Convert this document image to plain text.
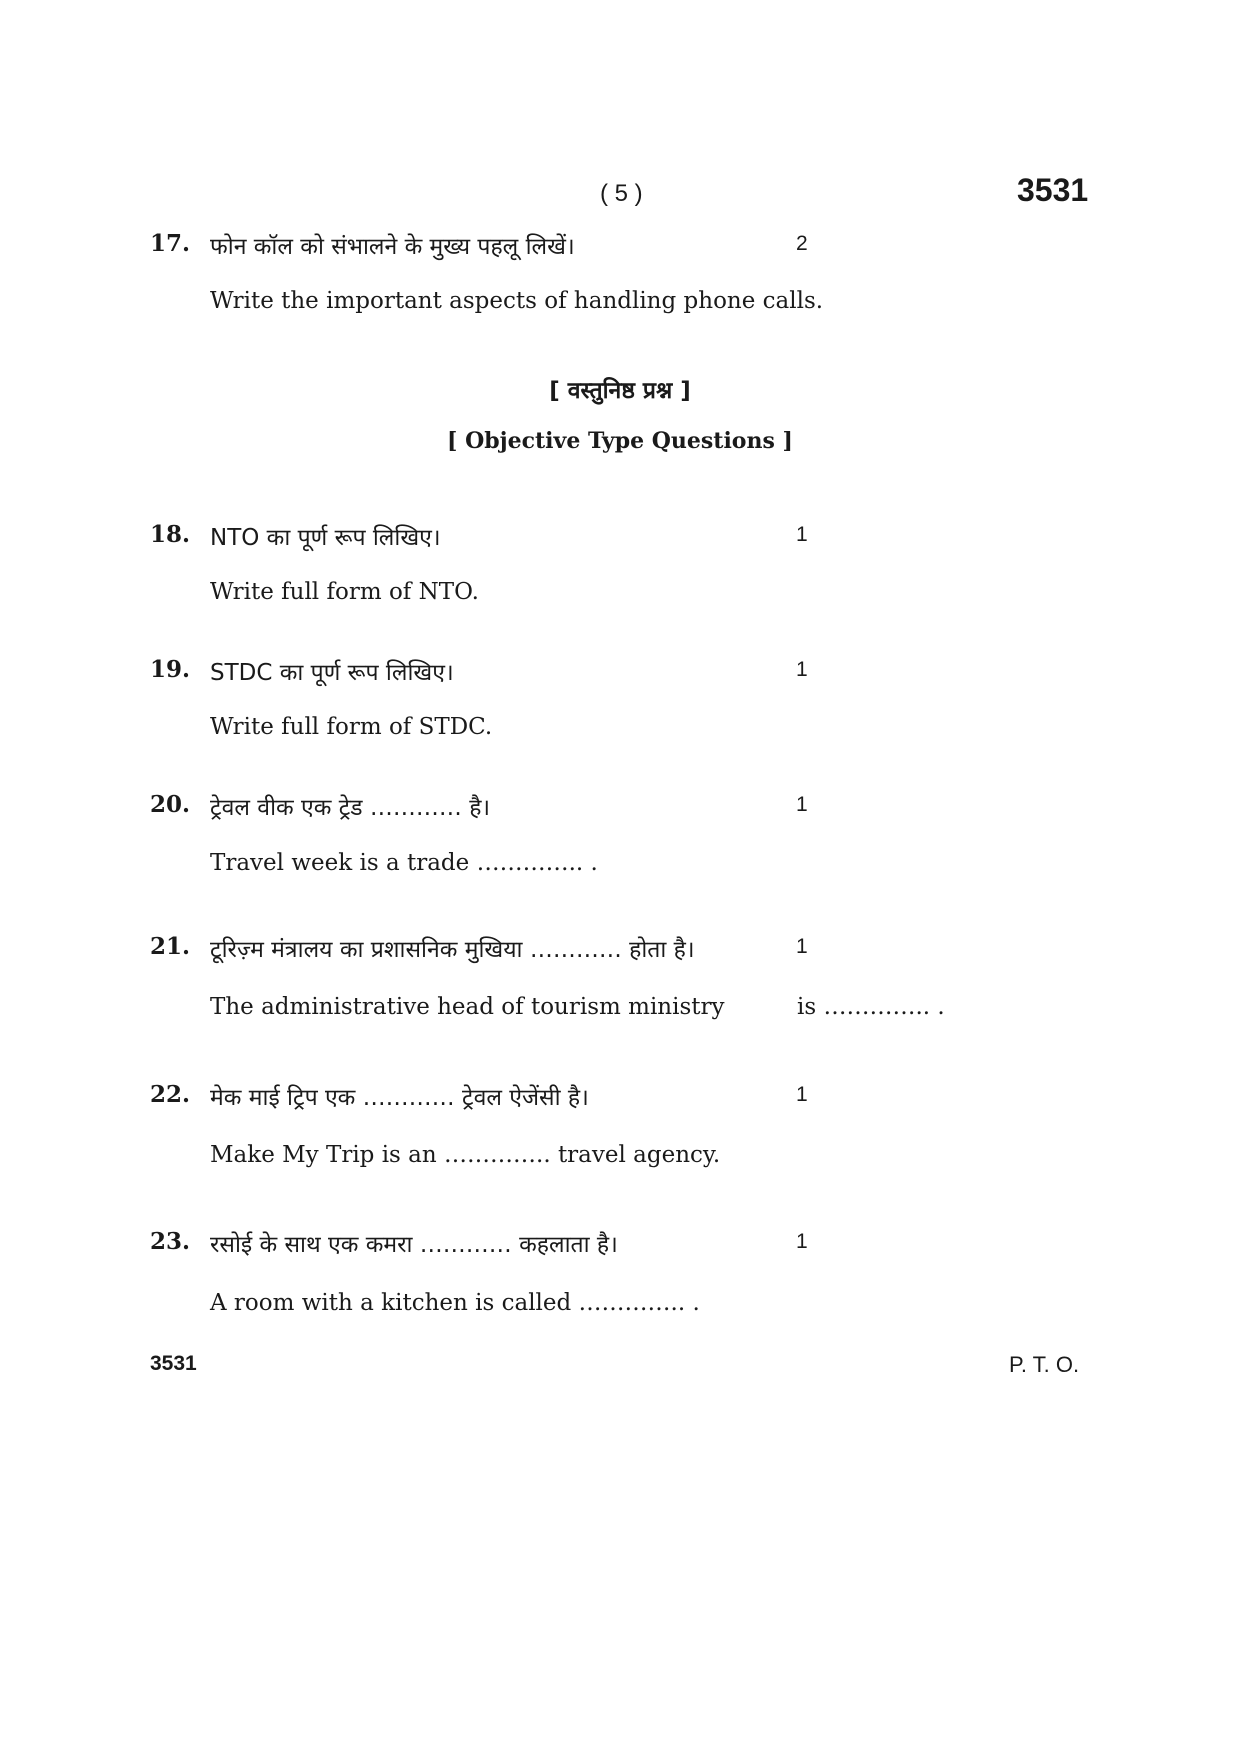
( 5 )	3531
17. फोन कॉल को संभालने के मुख्य पहलू लिखें।	2
Write the important aspects of handling phone calls.
[ वस्तुनिष्ठ प्रश्न ]
[ Objective Type Questions ]
18. NTO का पूर्ण रूप लिखिए।	1
Write full form of NTO.
19. STDC का पूर्ण रूप लिखिए।	1
Write full form of STDC.
20. ट्रेवल वीक एक ट्रेड ………… है।	1
Travel week is a trade ………….. .
21. टूरिज़्म मंत्रालय का प्रशासनिक मुखिया ………… होता है।	1
The administrative head of tourism ministry	is ………….. .
22. मेक माई ट्रिप एक ………… ट्रेवल ऐजेंसी है।	1
Make My Trip is an ………….. travel agency.
23. रसोई के साथ एक कमरा ………… कहलाता है।	1
A room with a kitchen is called ………….. .
3531	P. T. O.
